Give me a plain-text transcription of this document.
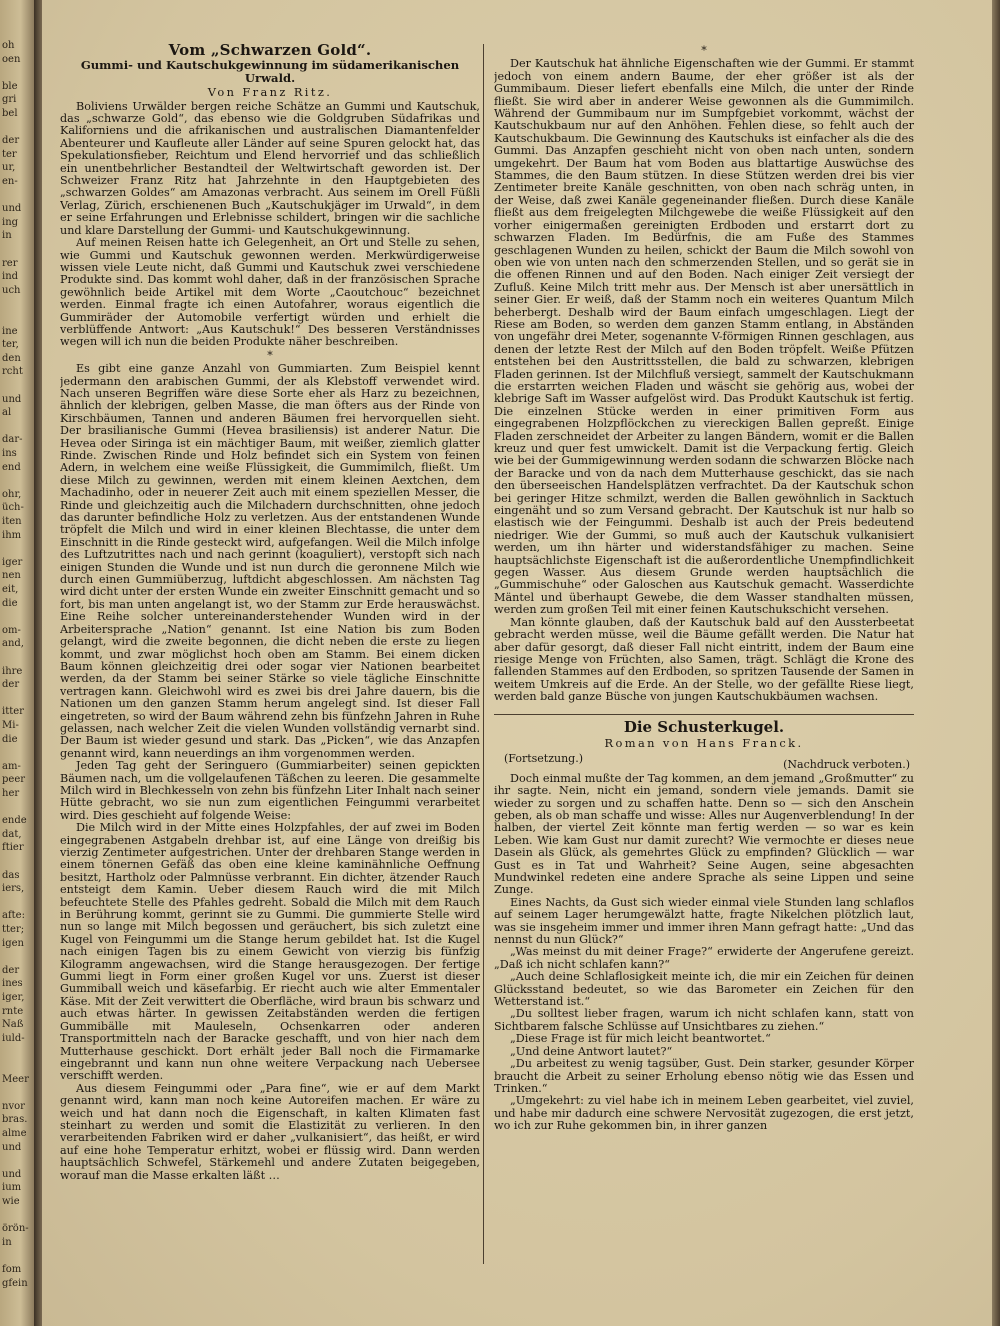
oh
oen
ble
gri
bel
der
ter
ur,
en-
und
ing
in
rer
ind
uch
ine
ter,
den
rcht
und
al
dar-
ins
end
ohr,
üch-
iten
ihm
iger
nen
eit,
die
om-
and,
ihre
der
itter
Mi-
die
am-
peer
her
ende
dat,
ftier
das
iers,
afte:
tter;
igen
der
ines
iger,
rnte
Naß
iuld-
Meer
nvor
bras.
alme
und
und
ium
wie
örön-
in
fom
gfein
Vom „Schwarzen Gold“.
Gummi- und Kautschukgewinnung im südamerikanischen Urwald.
Von Franz Ritz.

Boliviens Urwälder bergen reiche Schätze an Gummi und Kautschuk, das „schwarze Gold“, das ebenso wie die Goldgruben Südafrikas und Kaliforniens und die afrikanischen und australischen Diamantenfelder Abenteurer und Kaufleute aller Länder auf seine Spuren gelockt hat, das Spekulationsfieber, Reichtum und Elend hervorrief und das schließlich ein unentbehrlicher Bestandteil der Weltwirtschaft geworden ist. Der Schweizer Franz Ritz hat Jahrzehnte in den Hauptgebieten des „schwarzen Goldes“ am Amazonas verbracht. Aus seinem im Orell Füßli Verlag, Zürich, erschienenen Buch „Kautschukjäger im Urwald“, in dem er seine Erfahrungen und Erlebnisse schildert, bringen wir die sachliche und klare Darstellung der Gummi- und Kautschukgewinnung.

Auf meinen Reisen hatte ich Gelegenheit, an Ort und Stelle zu sehen, wie Gummi und Kautschuk gewonnen werden. Merkwürdigerweise wissen viele Leute nicht, daß Gummi und Kautschuk zwei verschiedene Produkte sind. Das kommt wohl daher, daß in der französischen Sprache gewöhnlich beide Artikel mit dem Worte „Caoutchouc“ bezeichnet werden. Einmal fragte ich einen Autofahrer, woraus eigentlich die Gummiräder der Automobile verfertigt würden und erhielt die verblüffende Antwort: „Aus Kautschuk!“ Des besseren Verständnisses wegen will ich nun die beiden Produkte näher beschreiben.

*

Es gibt eine ganze Anzahl von Gummiarten. Zum Beispiel kennt jedermann den arabischen Gummi, der als Klebstoff verwendet wird. Nach unseren Begriffen wäre diese Sorte eher als Harz zu bezeichnen, ähnlich der klebrigen, gelben Masse, die man öfters aus der Rinde von Kirschbäumen, Tannen und anderen Bäumen frei hervorquellen sieht. Der brasilianische Gummi (Hevea brasiliensis) ist anderer Natur. Die Hevea oder Siringa ist ein mächtiger Baum, mit weißer, ziemlich glatter Rinde. Zwischen Rinde und Holz befindet sich ein System von feinen Adern, in welchem eine weiße Flüssigkeit, die Gummimilch, fließt. Um diese Milch zu gewinnen, werden mit einem kleinen Aextchen, dem Machadinho, oder in neuerer Zeit auch mit einem speziellen Messer, die Rinde und gleichzeitig auch die Milchadern durchschnitten, ohne jedoch das darunter befindliche Holz zu verletzen. Aus der entstandenen Wunde tröpfelt die Milch und wird in einer kleinen Blechtasse, die unter dem Einschnitt in die Rinde gesteckt wird, aufgefangen. Weil die Milch infolge des Luftzutrittes nach und nach gerinnt (koaguliert), verstopft sich nach einigen Stunden die Wunde und ist nun durch die geronnene Milch wie durch einen Gummiüberzug, luftdicht abgeschlossen. Am nächsten Tag wird dicht unter der ersten Wunde ein zweiter Einschnitt gemacht und so fort, bis man unten angelangt ist, wo der Stamm zur Erde herauswächst. Eine Reihe solcher untereinanderstehender Wunden wird in der Arbeitersprache „Nation“ genannt. Ist eine Nation bis zum Boden gelangt, wird die zweite begonnen, die dicht neben die erste zu liegen kommt, und zwar möglichst hoch oben am Stamm. Bei einem dicken Baum können gleichzeitig drei oder sogar vier Nationen bearbeitet werden, da der Stamm bei seiner Stärke so viele tägliche Einschnitte vertragen kann. Gleichwohl wird es zwei bis drei Jahre dauern, bis die Nationen um den ganzen Stamm herum angelegt sind. Ist dieser Fall eingetreten, so wird der Baum während zehn bis fünfzehn Jahren in Ruhe gelassen, nach welcher Zeit die vielen Wunden vollständig vernarbt sind. Der Baum ist wieder gesund und stark. Das „Picken“, wie das Anzapfen genannt wird, kann neuerdings an ihm vorgenommen werden.

Jeden Tag geht der Seringuero (Gummiarbeiter) seinen gepickten Bäumen nach, um die vollgelaufenen Täßchen zu leeren. Die gesammelte Milch wird in Blechkesseln von zehn bis fünfzehn Liter Inhalt nach seiner Hütte gebracht, wo sie nun zum eigentlichen Feingummi verarbeitet wird. Dies geschieht auf folgende Weise:

Die Milch wird in der Mitte eines Holzpfahles, der auf zwei im Boden eingegrabenen Astgabeln drehbar ist, auf eine Länge von dreißig bis vierzig Zentimeter aufgestrichen. Unter der drehbaren Stange werden in einem tönernen Gefäß das oben eine kleine kaminähnliche Oeffnung besitzt, Hartholz oder Palmnüsse verbrannt. Ein dichter, ätzender Rauch entsteigt dem Kamin. Ueber diesem Rauch wird die mit Milch befeuchtete Stelle des Pfahles gedreht. Sobald die Milch mit dem Rauch in Berührung kommt, gerinnt sie zu Gummi. Die gummierte Stelle wird nun so lange mit Milch begossen und geräuchert, bis sich zuletzt eine Kugel von Feingummi um die Stange herum gebildet hat. Ist die Kugel nach einigen Tagen bis zu einem Gewicht von vierzig bis fünfzig Kilogramm angewachsen, wird die Stange herausgezogen. Der fertige Gummi liegt in Form einer großen Kugel vor uns. Zuerst ist dieser Gummiball weich und käsefarbig. Er riecht auch wie alter Emmentaler Käse. Mit der Zeit verwittert die Oberfläche, wird braun bis schwarz und auch etwas härter. In gewissen Zeitabständen werden die fertigen Gummibälle mit Mauleseln, Ochsenkarren oder anderen Transportmitteln nach der Baracke geschafft, und von hier nach dem Mutterhause geschickt. Dort erhält jeder Ball noch die Firmamarke eingebrannt und kann nun ohne weitere Verpackung nach Uebersee verschifft werden.

Aus diesem Feingummi oder „Para fine“, wie er auf dem Markt genannt wird, kann man noch keine Autoreifen machen. Er wäre zu weich und hat dann noch die Eigenschaft, in kalten Klimaten fast steinhart zu werden und somit die Elastizität zu verlieren. In den verarbeitenden Fabriken wird er daher „vulkanisiert“, das heißt, er wird auf eine hohe Temperatur erhitzt, wobei er flüssig wird. Dann werden hauptsächlich Schwefel, Stärkemehl und andere Zutaten beigegeben, worauf man die Masse erkalten läßt …

*

Der Kautschuk hat ähnliche Eigenschaften wie der Gummi. Er stammt jedoch von einem andern Baume, der eher größer ist als der Gummibaum. Dieser liefert ebenfalls eine Milch, die unter der Rinde fließt. Sie wird aber in anderer Weise gewonnen als die Gummimilch. Während der Gummibaum nur im Sumpfgebiet vorkommt, wächst der Kautschukbaum nur auf den Anhöhen. Fehlen diese, so fehlt auch der Kautschukbaum. Die Gewinnung des Kautschuks ist einfacher als die des Gummi. Das Anzapfen geschieht nicht von oben nach unten, sondern umgekehrt. Der Baum hat vom Boden aus blattartige Auswüchse des Stammes, die den Baum stützen. In diese Stützen werden drei bis vier Zentimeter breite Kanäle geschnitten, von oben nach schräg unten, in der Weise, daß zwei Kanäle gegeneinander fließen. Durch diese Kanäle fließt aus dem freigelegten Milchgewebe die weiße Flüssigkeit auf den vorher einigermaßen gereinigten Erdboden und erstarrt dort zu schwarzen Fladen. Im Bedürfnis, die am Fuße des Stammes geschlagenen Wunden zu heilen, schickt der Baum die Milch sowohl von oben wie von unten nach den schmerzenden Stellen, und so gerät sie in die offenen Rinnen und auf den Boden. Nach einiger Zeit versiegt der Zufluß. Keine Milch tritt mehr aus. Der Mensch ist aber unersättlich in seiner Gier. Er weiß, daß der Stamm noch ein weiteres Quantum Milch beherbergt. Deshalb wird der Baum einfach umgeschlagen. Liegt der Riese am Boden, so werden dem ganzen Stamm entlang, in Abständen von ungefähr drei Meter, sogenannte V-förmigen Rinnen geschlagen, aus denen der letzte Rest der Milch auf den Boden tröpfelt. Weiße Pfützen entstehen bei den Austrittsstellen, die bald zu schwarzen, klebrigen Fladen gerinnen. Ist der Milchfluß versiegt, sammelt der Kautschukmann die erstarrten weichen Fladen und wäscht sie gehörig aus, wobei der klebrige Saft im Wasser aufgelöst wird. Das Produkt Kautschuk ist fertig. Die einzelnen Stücke werden in einer primitiven Form aus eingegrabenen Holzpflöckchen zu viereckigen Ballen gepreßt. Einige Fladen zerschneidet der Arbeiter zu langen Bändern, womit er die Ballen kreuz und quer fest umwickelt. Damit ist die Verpackung fertig. Gleich wie bei der Gummigewinnung werden sodann die schwarzen Blöcke nach der Baracke und von da nach dem Mutterhause geschickt, das sie nach den überseeischen Handelsplätzen verfrachtet. Da der Kautschuk schon bei geringer Hitze schmilzt, werden die Ballen gewöhnlich in Sacktuch eingenäht und so zum Versand gebracht. Der Kautschuk ist nur halb so elastisch wie der Feingummi. Deshalb ist auch der Preis bedeutend niedriger. Wie der Gummi, so muß auch der Kautschuk vulkanisiert werden, um ihn härter und widerstandsfähiger zu machen. Seine hauptsächlichste Eigenschaft ist die außerordentliche Unempfindlichkeit gegen Wasser. Aus diesem Grunde werden hauptsächlich die „Gummischuhe“ oder Galoschen aus Kautschuk gemacht. Wasserdichte Mäntel und überhaupt Gewebe, die dem Wasser standhalten müssen, werden zum großen Teil mit einer feinen Kautschukschicht versehen.

Man könnte glauben, daß der Kautschuk bald auf den Aussterbeetat gebracht werden müsse, weil die Bäume gefällt werden. Die Natur hat aber dafür gesorgt, daß dieser Fall nicht eintritt, indem der Baum eine riesige Menge von Früchten, also Samen, trägt. Schlägt die Krone des fallenden Stammes auf den Erdboden, so spritzen Tausende der Samen in weitem Umkreis auf die Erde. An der Stelle, wo der gefällte Riese liegt, werden bald ganze Büsche von jungen Kautschukbäumen wachsen.

Die Schusterkugel.
Roman von Hans Franck.
(Fortsetzung.)	(Nachdruck verboten.)

Doch einmal mußte der Tag kommen, an dem jemand „Großmutter“ zu ihr sagte. Nein, nicht ein jemand, sondern viele jemands. Damit sie wieder zu sorgen und zu schaffen hatte. Denn so — sich den Anschein geben, als ob man schaffe und wisse: Alles nur Augenverblendung! In der halben, der viertel Zeit könnte man fertig werden — so war es kein Leben. Wie kam Gust nur damit zurecht? Wie vermochte er dieses neue Dasein als Glück, als gemehrtes Glück zu empfinden? Glücklich — war Gust es in Tat und Wahrheit? Seine Augen, seine abgesachten Mundwinkel redeten eine andere Sprache als seine Lippen und seine Zunge.

Eines Nachts, da Gust sich wieder einmal viele Stunden lang schlaflos auf seinem Lager herumgewälzt hatte, fragte Nikelchen plötzlich laut, was sie insgeheim immer und immer ihren Mann gefragt hatte: „Und das nennst du nun Glück?“

„Was meinst du mit deiner Frage?“ erwiderte der Angerufene gereizt. „Daß ich nicht schlafen kann?“

„Auch deine Schlaflosigkeit meinte ich, die mir ein Zeichen für deinen Glücksstand bedeutet, so wie das Barometer ein Zeichen für den Wetterstand ist.“

„Du solltest lieber fragen, warum ich nicht schlafen kann, statt von Sichtbarem falsche Schlüsse auf Unsichtbares zu ziehen.“

„Diese Frage ist für mich leicht beantwortet.“

„Und deine Antwort lautet?“

„Du arbeitest zu wenig tagsüber, Gust. Dein starker, gesunder Körper braucht die Arbeit zu seiner Erholung ebenso nötig wie das Essen und Trinken.“

„Umgekehrt: zu viel habe ich in meinem Leben gearbeitet, viel zuviel, und habe mir dadurch eine schwere Nervosität zugezogen, die erst jetzt, wo ich zur Ruhe gekommen bin, in ihrer ganzen
